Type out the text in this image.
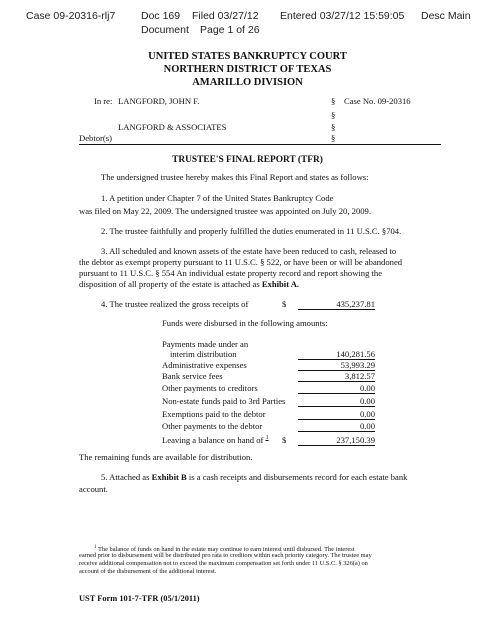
Case 09-20316-rlj7 Doc 169 Filed 03/27/12 Entered 03/27/12 15:59:05 Desc Main
Document Page 1 of 26
UNITED STATES BANKRUPTCY COURT
NORTHERN DISTRICT OF TEXAS
AMARILLO DIVISION
In re: LANGFORD, JOHN F.	§ Case No. 09-20316
§
LANGFORD & ASSOCIATES	§
Debtor(s)	§
TRUSTEE'S FINAL REPORT (TFR)
The undersigned trustee hereby makes this Final Report and states as follows:
1. A petition under Chapter 7 of the United States Bankruptcy Code
was filed on May 22, 2009. The undersigned trustee was appointed on July 20, 2009.
2. The trustee faithfully and properly fulfilled the duties enumerated in 11 U.S.C. §704.
3. All scheduled and known assets of the estate have been reduced to cash, released to
the debtor as exempt property pursuant to 11 U.S.C. § 522, or have been or will be abandoned
pursuant to 11 U.S.C. § 554 An individual estate property record and report showing the
disposition of all property of the estate is attached as Exhibit A.
4. The trustee realized the gross receipts of	$	435,237.81
Funds were disbursed in the following amounts:
Payments made under an
interim distribution	140,281.56
Administrative expenses	53,993.29
Bank service fees	3,812.57
Other payments to creditors	0.00
Non-estate funds paid to 3rd Parties	0.00
Exemptions paid to the debtor	0.00
Other payments to the debtor	0.00
Leaving a balance on hand of $^1$ $	237,150.39
The remaining funds are available for distribution.
5. Attached as Exhibit B is a cash receipts and disbursements record for each estate bank
account.
$^1$ The balance of funds on hand in the estate may continue to earn interest until disbursed. The interest
earned prior to disbursement will be distributed pro rata to creditors within each priority category. The trustee may
receive additional compensation not to exceed the maximum compensation set forth under 11 U.S.C. § 326(a) on
account of the disbursement of the additional interest.
UST Form 101-7-TFR (05/1/2011)
